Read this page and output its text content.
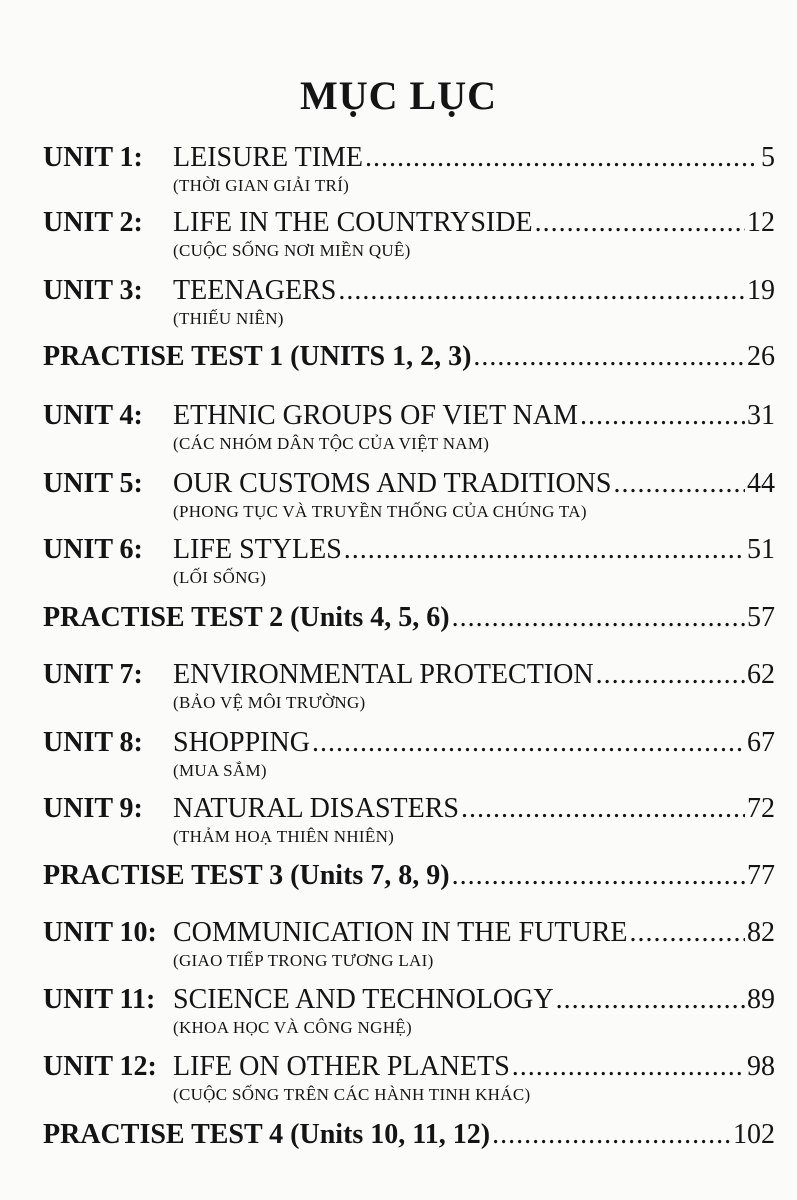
MỤC LỤC
UNIT 1:	LEISURE TIME .....	5
(THỜI GIAN GIẢI TRÍ)
UNIT 2:	LIFE IN THE COUNTRYSIDE .....	12
(CUỘC SỐNG NƠI MIỀN QUÊ)
UNIT 3:	TEENAGERS .....	19
(THIẾU NIÊN)
PRACTISE TEST 1 (UNITS 1, 2, 3) .....	26
UNIT 4:	ETHNIC GROUPS OF VIET NAM .....	31
(CÁC NHÓM DÂN TỘC CỦA VIỆT NAM)
UNIT 5:	OUR CUSTOMS AND TRADITIONS .....	44
(PHONG TỤC VÀ TRUYỀN THỐNG CỦA CHÚNG TA)
UNIT 6:	LIFE STYLES .....	51
(LỐI SỐNG)
PRACTISE TEST 2 (Units 4, 5, 6) .....	57
UNIT 7:	ENVIRONMENTAL PROTECTION .....	62
(BẢO VỆ MÔI TRƯỜNG)
UNIT 8:	SHOPPING .....	67
(MUA SẮM)
UNIT 9:	NATURAL DISASTERS .....	72
(THẢM HOẠ THIÊN NHIÊN)
PRACTISE TEST 3 (Units 7, 8, 9) .....	77
UNIT 10: COMMUNICATION IN THE FUTURE .....	82
(GIAO TIẾP TRONG TƯƠNG LAI)
UNIT 11: SCIENCE AND TECHNOLOGY .....	89
(KHOA HỌC VÀ CÔNG NGHỆ)
UNIT 12: LIFE ON OTHER PLANETS .....	98
(CUỘC SỐNG TRÊN CÁC HÀNH TINH KHÁC)
PRACTISE TEST 4 (Units 10, 11, 12) .....	102
